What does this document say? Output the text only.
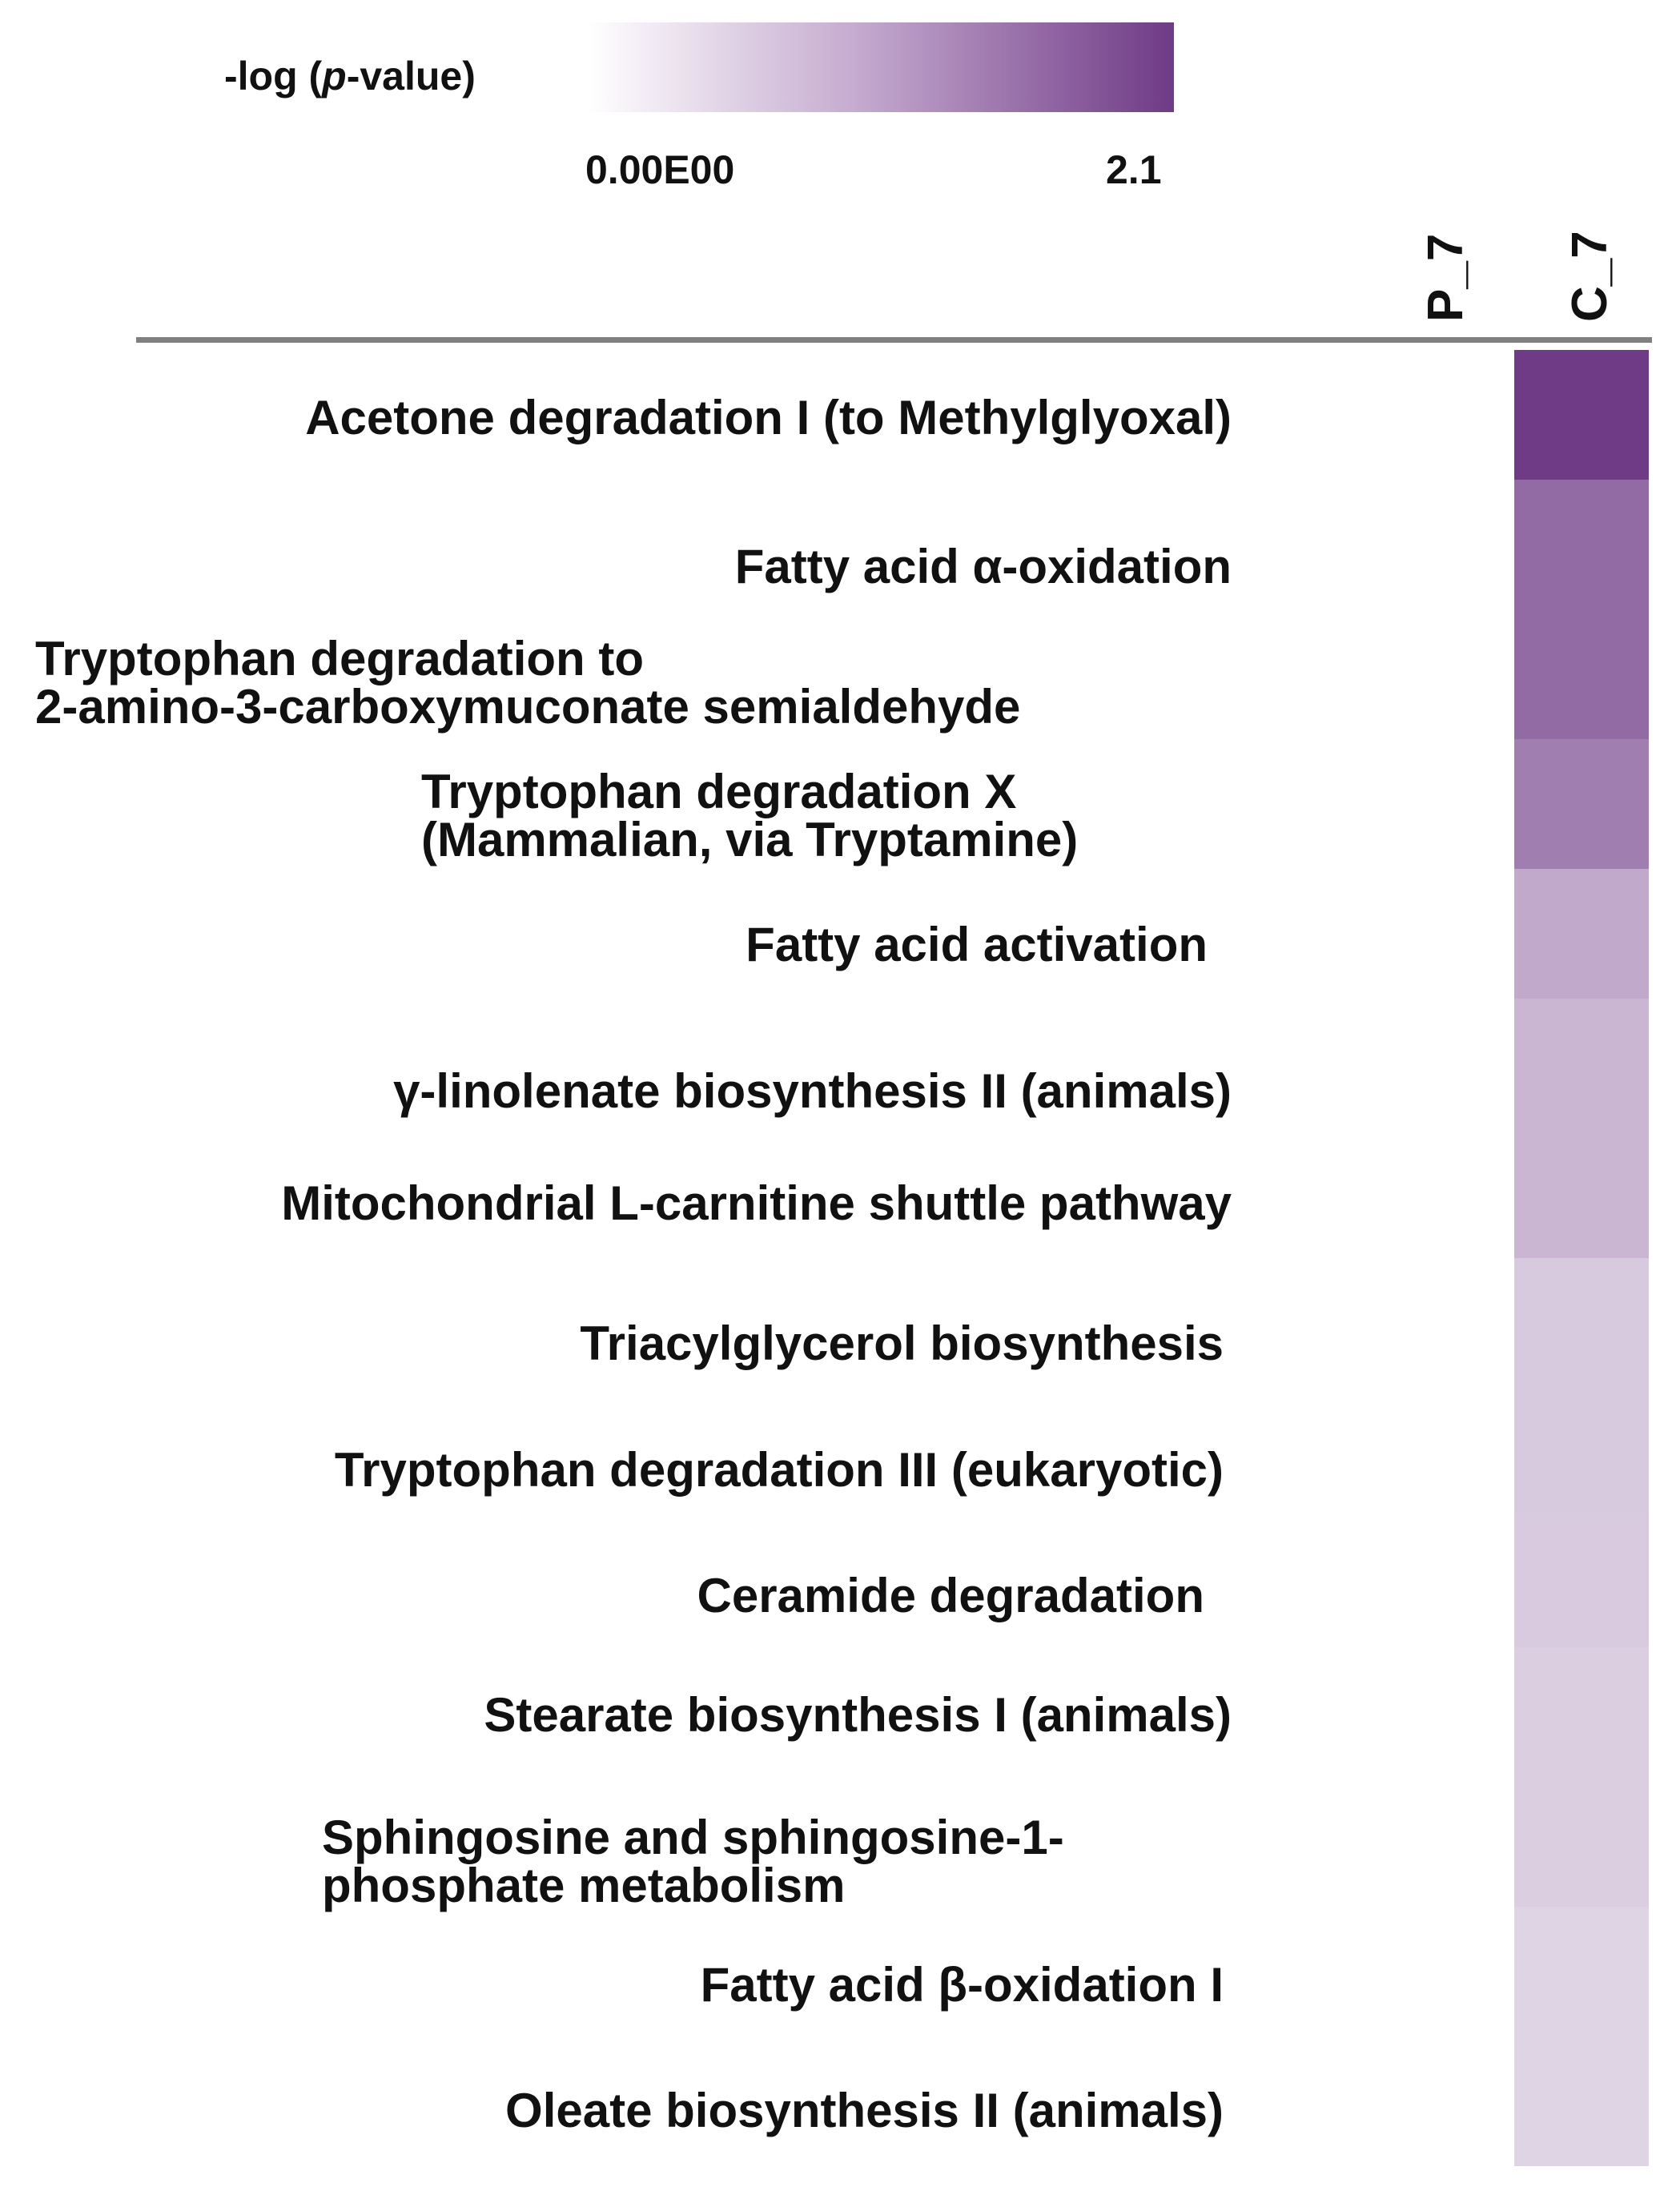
-log (p-value)
0.00E00	2.1
P_7 C_7
Acetone degradation I (to Methylglyoxal)
Fatty acid α-oxidation
Tryptophan degradation to
2-amino-3-carboxymuconate semialdehyde
Tryptophan degradation X
(Mammalian, via Tryptamine)
Fatty acid activation
γ-linolenate biosynthesis II (animals)
Mitochondrial L-carnitine shuttle pathway
Triacylglycerol biosynthesis
Tryptophan degradation III (eukaryotic)
Ceramide degradation
Stearate biosynthesis I (animals)
Sphingosine and sphingosine-1-
phosphate metabolism
Fatty acid β-oxidation I
Oleate biosynthesis II (animals)
